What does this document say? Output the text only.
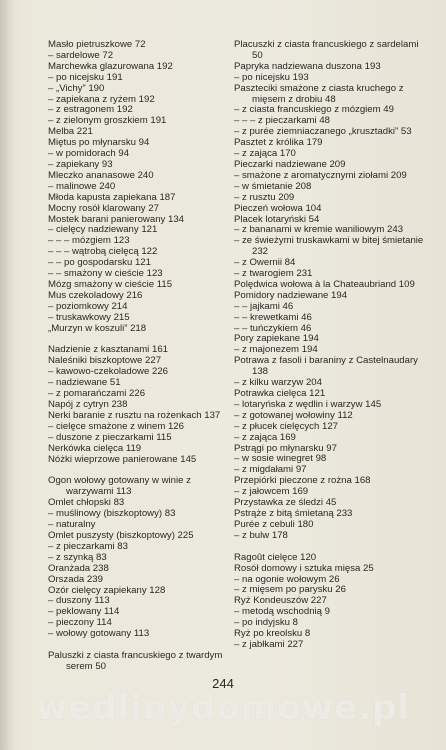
Masło pietruszkowe 72
– sardelowe 72
Marchewka glazurowana 192
– po nicejsku 191
– „Vichy” 190
– zapiekana z ryżem 192
– z estragonem 192
– z zielonym groszkiem 191
Melba 221
Miętus po młynarsku 94
– w pomidorach 94
– zapiekany 93
Mleczko ananasowe 240
– malinowe 240
Młoda kapusta zapiekana 187
Mocny rosół klarowany 27
Mostek barani panierowany 134
– cielęcy nadziewany 121
– – – mózgiem 123
– – – wątrobą cielęcą 122
– – po gospodarsku 121
– – smażony w cieście 123
Mózg smażony w cieście 115
Mus czekoladowy 216
– poziomkowy 214
– truskawkowy 215
„Murzyn w koszuli” 218
Nadzienie z kasztanami 161
Naleśniki biszkoptowe 227
– kawowo-czekoladowe 226
– nadziewane 51
– z pomarańczami 226
Napój z cytryn 238
Nerki baranie z rusztu na rożenkach 137
– cielęce smażone z winem 126
– duszone z pieczarkami 115
Nerkówka cielęca 119
Nóżki wieprzowe panierowane 145
Ogon wołowy gotowany w winie z warzywami 113
Omlet chłopski 83
– muślinowy (biszkoptowy) 83
– naturalny
Omlet puszysty (biszkoptowy) 225
– z pieczarkami 83
– z szynką 83
Oranżada 238
Orszada 239
Ozór cielęcy zapiekany 128
– duszony 113
– peklowany 114
– pieczony 114
– wołowy gotowany 113
Paluszki z ciasta francuskiego z twardym serem 50
Placuszki z ciasta francuskiego z sardelami 50
Papryka nadziewana duszona 193
– po nicejsku 193
Paszteciki smażone z ciasta kruchego z mięsem z drobiu 48
– z ciasta francuskiego z mózgiem 49
– – – z pieczarkami 48
– z purée ziemniaczanego „krusztadki” 53
Pasztet z królika 179
– z zająca 170
Pieczarki nadziewane 209
– smażone z aromatycznymi ziołami 209
– w śmietanie 208
– z rusztu 209
Pieczeń wołowa 104
Placek lotaryński 54
– z bananami w kremie waniliowym 243
– ze świeżymi truskawkami w bitej śmietanie 232
– z Owernii 84
– z twarogiem 231
Polędwica wołowa à la Chateaubriand 109
Pomidory nadziewane 194
– – jajkami 46
– – krewetkami 46
– – tuńczykiem 46
Pory zapiekane 194
– z majonezem 194
Potrawa z fasoli i baraniny z Castelnaudary 138
– z kilku warzyw 204
Potrawka cielęca 121
– lotaryńska z wędlin i warzyw 145
– z gotowanej wołowiny 112
– z płucek cielęcych 127
– z zająca 169
Pstrągi po młynarsku 97
– w sosie winegret 98
– z migdałami 97
Przepiórki pieczone z rożna 168
– z jałowcem 169
Przystawka ze śledzi 45
Pstrąże z bitą śmietaną 233
Purée z cebuli 180
– z bulw 178
Ragoût cielęce 120
Rosół domowy i sztuka mięsa 25
– na ogonie wołowym 26
– z mięsem po parysku 26
Ryż Kondeuszów 227
– metodą wschodnią 9
– po indyjsku 8
Ryż po kreolsku 8
– z jabłkami 227
244
wedlinydomowe.pl
